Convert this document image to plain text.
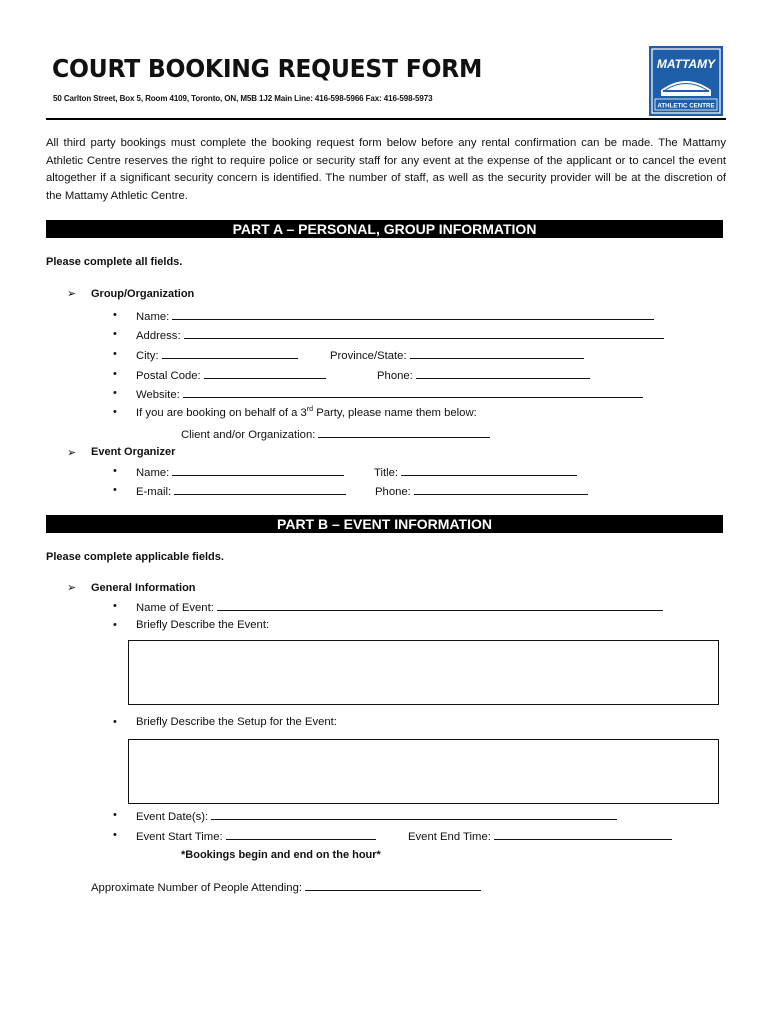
COURT BOOKING REQUEST FORM
50 Carlton Street, Box 5, Room 4109, Toronto, ON, M5B 1J2 Main Line: 416-598-5966 Fax: 416-598-5973
MATTAMY
ATHLETIC CENTRE
All third party bookings must complete the booking request form below before any rental confirmation can be made. The Mattamy Athletic Centre reserves the right to require police or security staff for any event at the expense of the applicant or to cancel the event altogether if a significant security concern is identified. The number of staff, as well as the security provider will be at the discretion of the Mattamy Athletic Centre.
PART A – PERSONAL, GROUP INFORMATION
Please complete all fields.
➢ Group/Organization
• Name:
• Address:
• City:	Province/State:
• Postal Code:	Phone:
• Website:
• If you are booking on behalf of a 3rd Party, please name them below:
Client and/or Organization:
➢ Event Organizer
• Name:	Title:
• E-mail:	Phone:
PART B – EVENT INFORMATION
Please complete applicable fields.
➢ General Information
• Name of Event:
• Briefly Describe the Event:
• Briefly Describe the Setup for the Event:
• Event Date(s):
• Event Start Time:	Event End Time:
*Bookings begin and end on the hour*
Approximate Number of People Attending:
